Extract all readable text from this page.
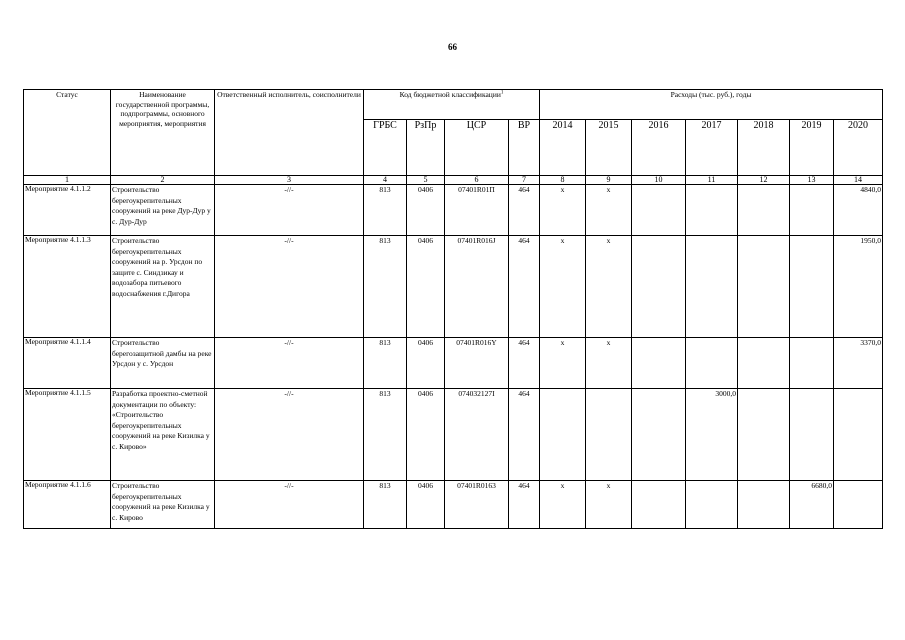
66
Статус	Наименование государственной программы, подпрограммы, основного мероприятия, мероприятия	Ответственный исполнитель, соисполнители	Код бюджетной классификации$^1$				Расходы (тыс. руб.), годы						
			ГРБС	РзПр	ЦСР	ВР	2014	2015	2016	2017	2018	2019	2020
1	2	3	4	5	6	7	8	9	10	11	12	13	14
Мероприятие 4.1.1.2	Строительство берегоукрепительных сооружений на реке Дур-Дур у с. Дур-Дур	-//-	813	0406	07401R01П	464	х	х					4840,0
Мероприятие 4.1.1.3	Строительство берегоукрепительных сооружений на р. Урсдон по защите с. Синдзикау и водозабора питьевого водоснабжения г.Дигора	-//-	813	0406	07401R016J	464	х	х					1950,0
Мероприятие 4.1.1.4	Строительство берегозащитной дамбы на реке Урсдон у с. Урсдон	-//-	813	0406	07401R016Y	464	х	х					3370,0
Мероприятие 4.1.1.5	Разработка проектно-сметной документации по объекту: «Строительство берегоукрепительных сооружений на реке Кизилка у с. Кирово»	-//-	813	0406	074032127I	464				3000,0			
Мероприятие 4.1.1.6	Строительство берегоукрепительных сооружений на реке Кизилка у с. Кирово	-//-	813	0406	07401R0163	464	х	х				6680,0	
